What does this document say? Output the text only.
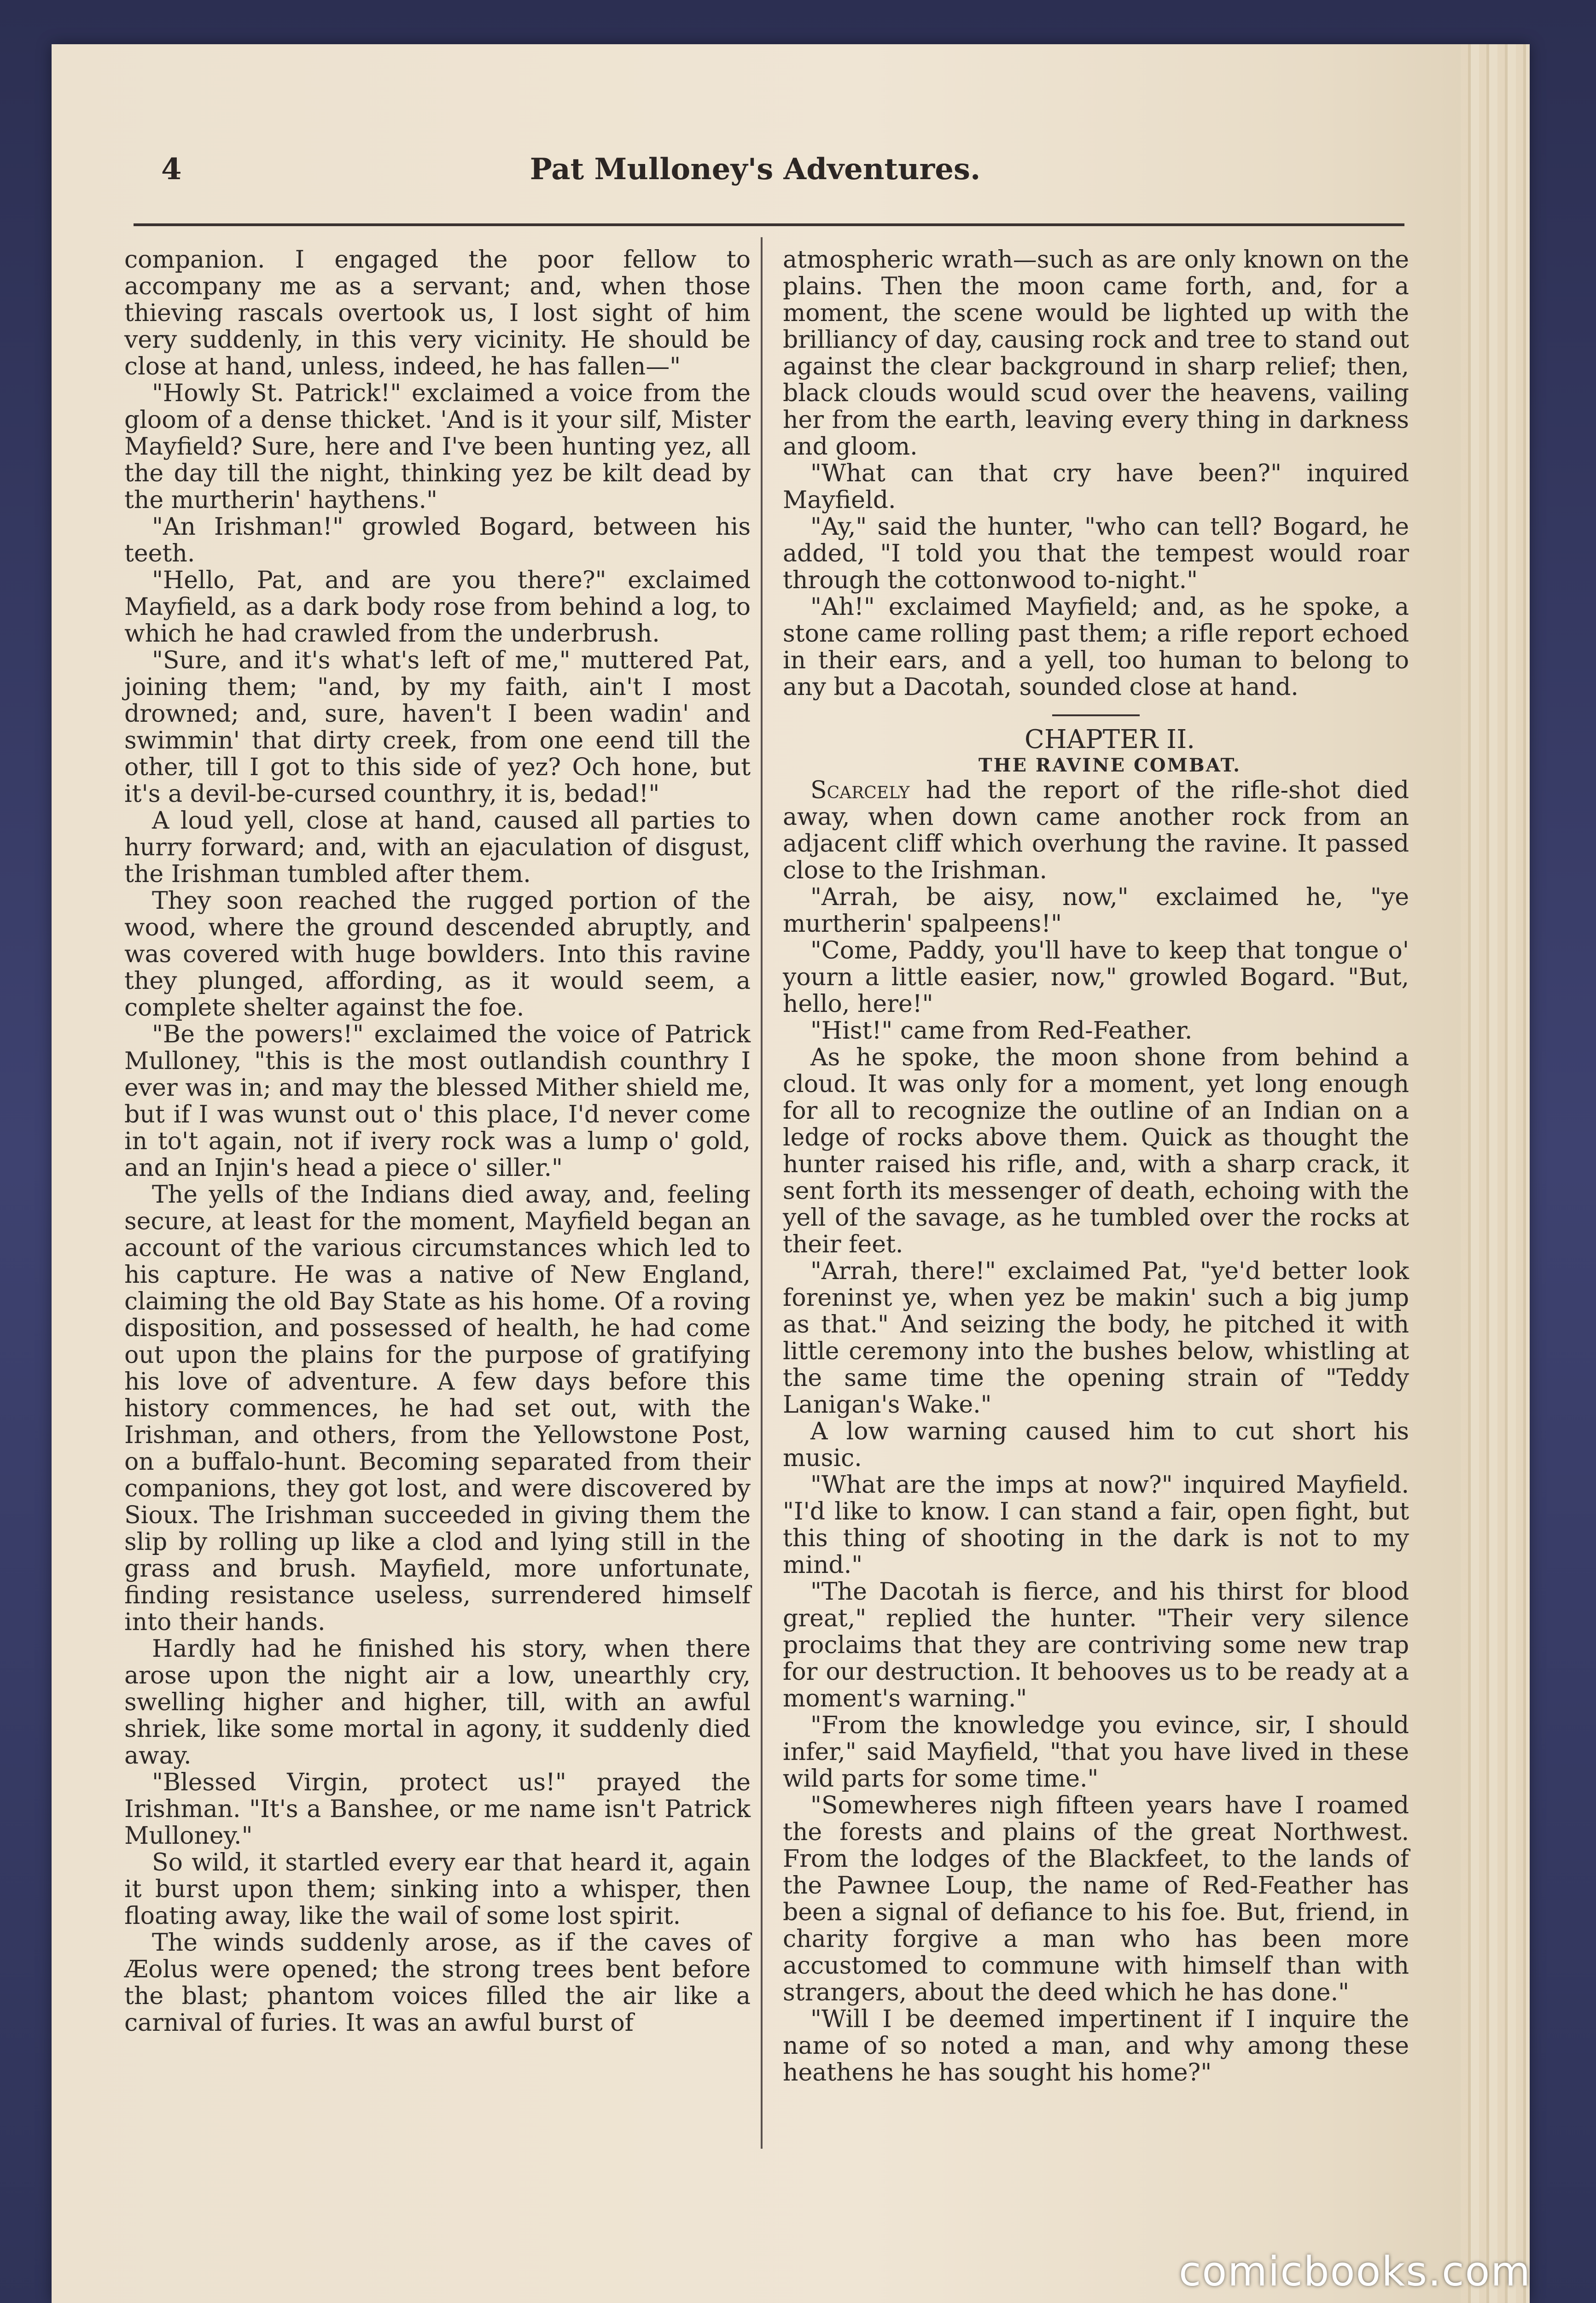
4	Pat Mulloney's Adventures.

companion. I engaged the poor fellow to accompany me as a servant; and, when those thieving rascals overtook us, I lost sight of him very suddenly, in this very vicinity. He should be close at hand, unless, indeed, he has fallen—"

"Howly St. Patrick!" exclaimed a voice from the gloom of a dense thicket. 'And is it your silf, Mister Mayfield? Sure, here and I've been hunting yez, all the day till the night, thinking yez be kilt dead by the murtherin' haythens."

"An Irishman!" growled Bogard, between his teeth.

"Hello, Pat, and are you there?" exclaimed Mayfield, as a dark body rose from behind a log, to which he had crawled from the underbrush.

"Sure, and it's what's left of me," muttered Pat, joining them; "and, by my faith, ain't I most drowned; and, sure, haven't I been wadin' and swimmin' that dirty creek, from one eend till the other, till I got to this side of yez? Och hone, but it's a devil-be-cursed counthry, it is, bedad!"

A loud yell, close at hand, caused all parties to hurry forward; and, with an ejaculation of disgust, the Irishman tumbled after them.

They soon reached the rugged portion of the wood, where the ground descended abruptly, and was covered with huge bowlders. Into this ravine they plunged, affording, as it would seem, a complete shelter against the foe.

"Be the powers!" exclaimed the voice of Patrick Mulloney, "this is the most outlandish counthry I ever was in; and may the blessed Mither shield me, but if I was wunst out o' this place, I'd never come in to't again, not if ivery rock was a lump o' gold, and an Injin's head a piece o' siller."

The yells of the Indians died away, and, feeling secure, at least for the moment, Mayfield began an account of the various circumstances which led to his capture. He was a native of New England, claiming the old Bay State as his home. Of a roving disposition, and possessed of health, he had come out upon the plains for the purpose of gratifying his love of adventure. A few days before this history commences, he had set out, with the Irishman, and others, from the Yellowstone Post, on a buffalo-hunt. Becoming separated from their companions, they got lost, and were discovered by Sioux. The Irishman succeeded in giving them the slip by rolling up like a clod and lying still in the grass and brush. Mayfield, more unfortunate, finding resistance useless, surrendered himself into their hands.

Hardly had he finished his story, when there arose upon the night air a low, unearthly cry, swelling higher and higher, till, with an awful shriek, like some mortal in agony, it suddenly died away.

"Blessed Virgin, protect us!" prayed the Irishman. "It's a Banshee, or me name isn't Patrick Mulloney."

So wild, it startled every ear that heard it, again it burst upon them; sinking into a whisper, then floating away, like the wail of some lost spirit.

The winds suddenly arose, as if the caves of Æolus were opened; the strong trees bent before the blast; phantom voices filled the air like a carnival of furies. It was an awful burst of

atmospheric wrath—such as are only known on the plains. Then the moon came forth, and, for a moment, the scene would be lighted up with the brilliancy of day, causing rock and tree to stand out against the clear background in sharp relief; then, black clouds would scud over the heavens, vailing her from the earth, leaving every thing in darkness and gloom.

"What can that cry have been?" inquired Mayfield.

"Ay," said the hunter, "who can tell? Bogard, he added, "I told you that the tempest would roar through the cottonwood to-night."

"Ah!" exclaimed Mayfield; and, as he spoke, a stone came rolling past them; a rifle report echoed in their ears, and a yell, too human to belong to any but a Dacotah, sounded close at hand.

CHAPTER II.

THE RAVINE COMBAT.

Scarcely had the report of the rifle-shot died away, when down came another rock from an adjacent cliff which overhung the ravine. It passed close to the Irishman.

"Arrah, be aisy, now," exclaimed he, "ye murtherin' spalpeens!"

"Come, Paddy, you'll have to keep that tongue o' yourn a little easier, now," growled Bogard. "But, hello, here!"

"Hist!" came from Red-Feather.

As he spoke, the moon shone from behind a cloud. It was only for a moment, yet long enough for all to recognize the outline of an Indian on a ledge of rocks above them. Quick as thought the hunter raised his rifle, and, with a sharp crack, it sent forth its messenger of death, echoing with the yell of the savage, as he tumbled over the rocks at their feet.

"Arrah, there!" exclaimed Pat, "ye'd better look foreninst ye, when yez be makin' such a big jump as that." And seizing the body, he pitched it with little ceremony into the bushes below, whistling at the same time the opening strain of "Teddy Lanigan's Wake."

A low warning caused him to cut short his music.

"What are the imps at now?" inquired Mayfield. "I'd like to know. I can stand a fair, open fight, but this thing of shooting in the dark is not to my mind."

"The Dacotah is fierce, and his thirst for blood great," replied the hunter. "Their very silence proclaims that they are contriving some new trap for our destruction. It behooves us to be ready at a moment's warning."

"From the knowledge you evince, sir, I should infer," said Mayfield, "that you have lived in these wild parts for some time."

"Somewheres nigh fifteen years have I roamed the forests and plains of the great Northwest. From the lodges of the Blackfeet, to the lands of the Pawnee Loup, the name of Red-Feather has been a signal of defiance to his foe. But, friend, in charity forgive a man who has been more accustomed to commune with himself than with strangers, about the deed which he has done."

"Will I be deemed impertinent if I inquire the name of so noted a man, and why among these heathens he has sought his home?"

comicbooks.com
